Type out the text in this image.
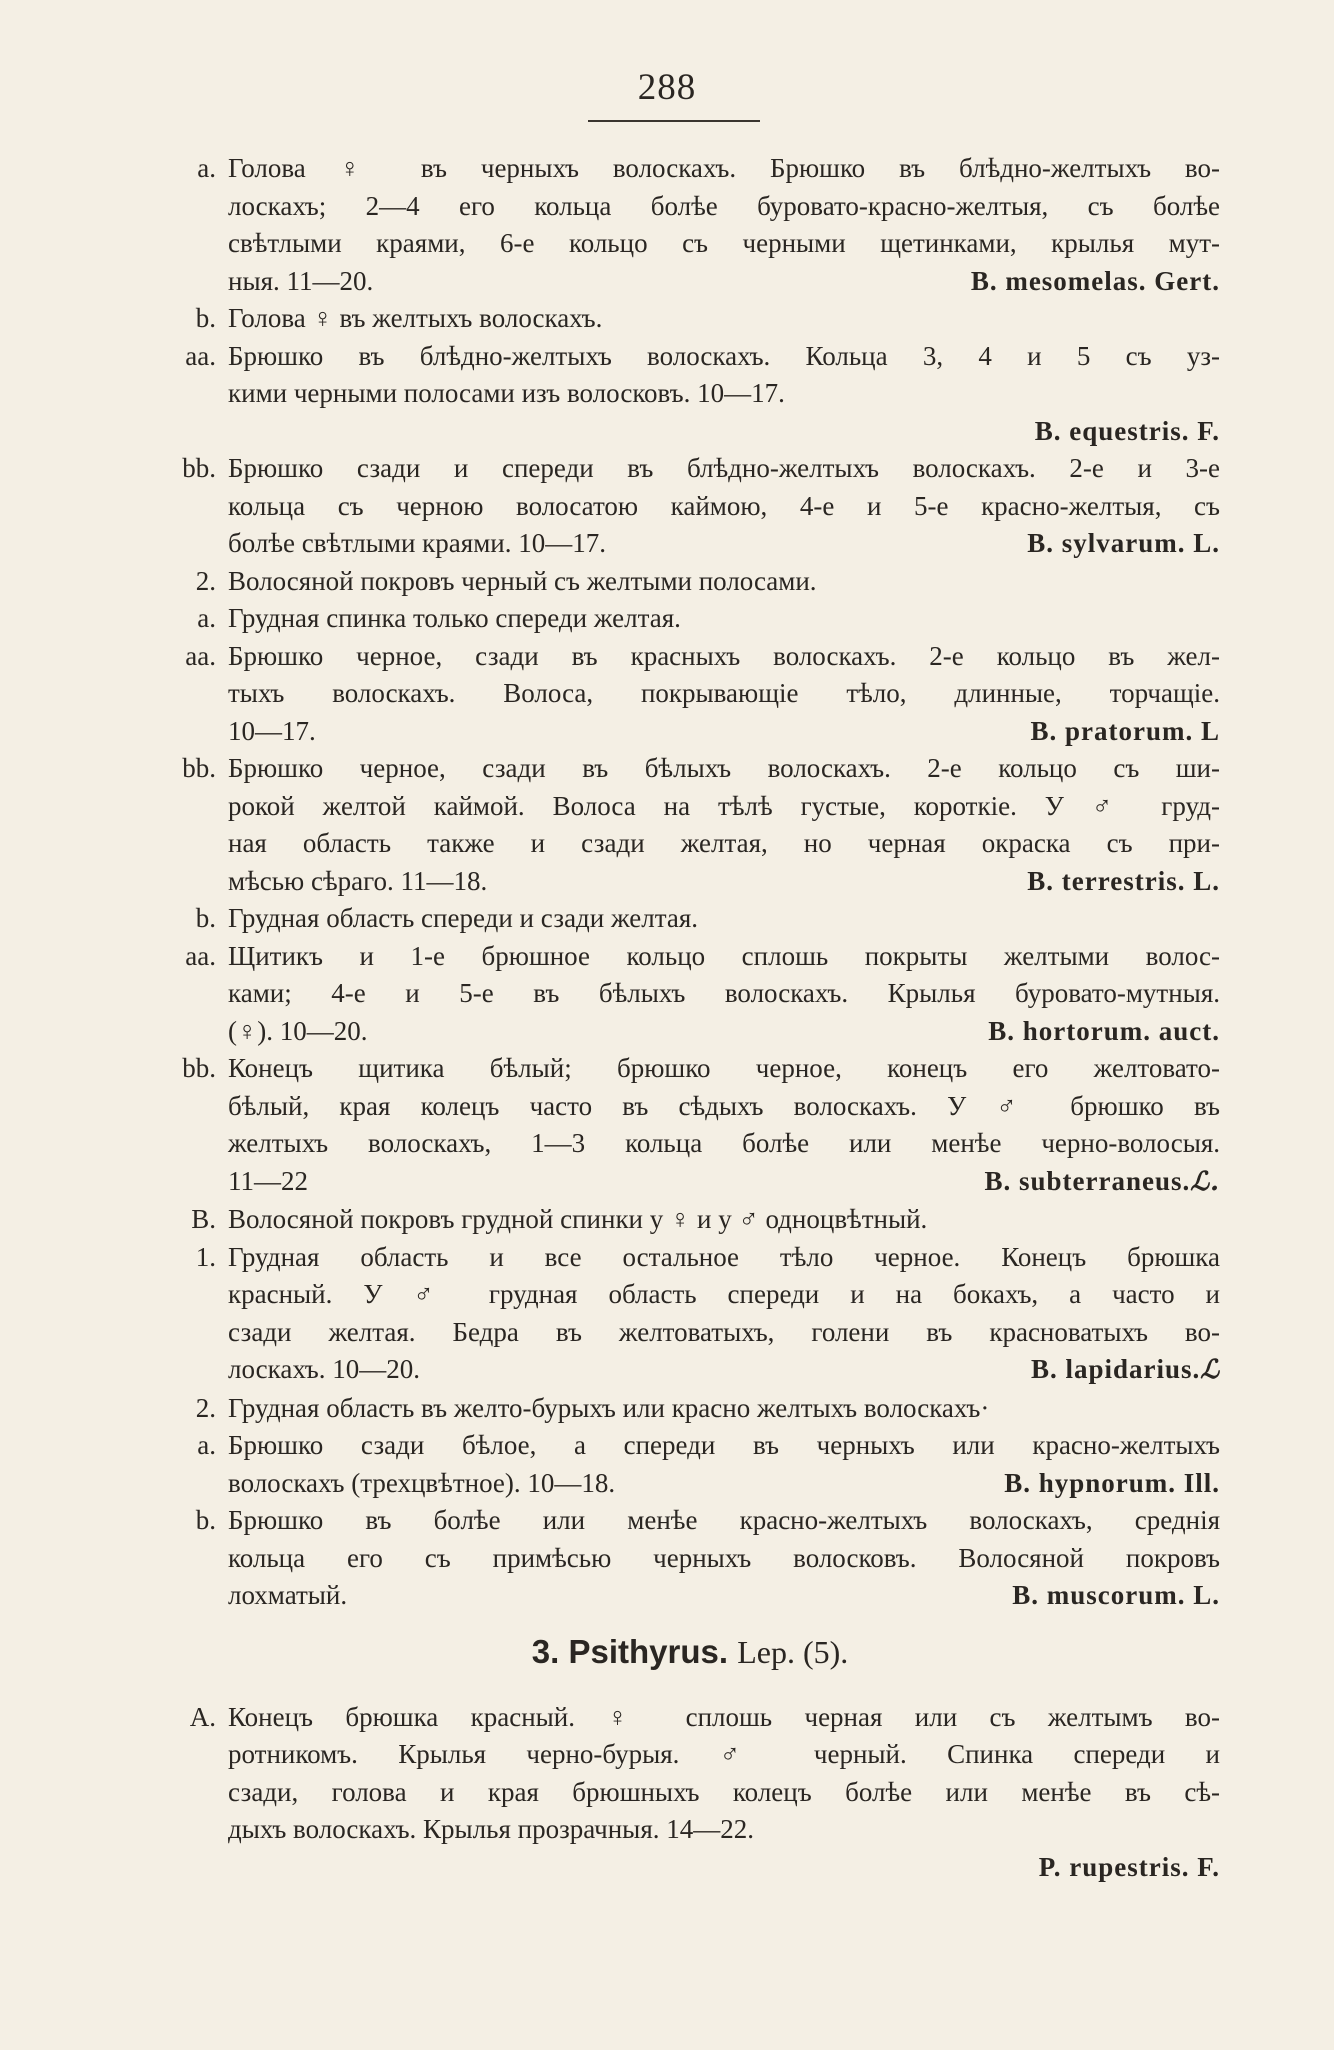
288
a. Голова ♀ въ черныхъ волоскахъ. Брюшко въ блѣдно-желтыхъ во-
лоскахъ; 2—4 его кольца болѣе буровато-красно-желтыя, съ болѣе
свѣтлыми краями, 6-е кольцо съ черными щетинками, крылья мут-
ныя. 11—20.	B. mesomelas. Gert.
b. Голова ♀ въ желтыхъ волоскахъ.
aa. Брюшко въ блѣдно-желтыхъ волоскахъ. Кольца 3, 4 и 5 съ уз-
кими черными полосами изъ волосковъ. 10—17.
B. equestris. F.
bb. Брюшко сзади и спереди въ блѣдно-желтыхъ волоскахъ. 2-е и 3-е
кольца съ черною волосатою каймою, 4-е и 5-е красно-желтыя, съ
болѣе свѣтлыми краями. 10—17.	B. sylvarum. L.
2. Волосяной покровъ черный съ желтыми полосами.
a. Грудная спинка только спереди желтая.
aa. Брюшко черное, сзади въ красныхъ волоскахъ. 2-е кольцо въ жел-
тыхъ волоскахъ. Волоса, покрывающіе тѣло, длинные, торчащіе.
10—17.	B. pratorum. L
bb. Брюшко черное, сзади въ бѣлыхъ волоскахъ. 2-е кольцо съ ши-
рокой желтой каймой. Волоса на тѣлѣ густые, короткіе. У ♂ груд-
ная область также и сзади желтая, но черная окраска съ при-
мѣсью сѣраго. 11—18.	B. terrestris. L.
b. Грудная область спереди и сзади желтая.
aa. Щитикъ и 1-е брюшное кольцо сплошь покрыты желтыми волос-
ками; 4-е и 5-е въ бѣлыхъ волоскахъ. Крылья буровато-мутныя.
(♀). 10—20.	B. hortorum. auct.
bb. Конецъ щитика бѣлый; брюшко черное, конецъ его желтовато-
бѣлый, края колецъ часто въ сѣдыхъ волоскахъ. У ♂ брюшко въ
желтыхъ волоскахъ, 1—3 кольца болѣе или менѣе черно-волосыя.
11—22	B. subterraneus.ℒ.
B. Волосяной покровъ грудной спинки у ♀ и у ♂ одноцвѣтный.
1. Грудная область и все остальное тѣло черное. Конецъ брюшка
красный. У ♂ грудная область спереди и на бокахъ, а часто и
сзади желтая. Бедра въ желтоватыхъ, голени въ красноватыхъ во-
лоскахъ. 10—20.	B. lapidarius.ℒ
2. Грудная область въ желто-бурыхъ или красно желтыхъ волоскахъ·
a. Брюшко сзади бѣлое, а спереди въ черныхъ или красно-желтыхъ
волоскахъ (трехцвѣтное). 10—18.	B. hypnorum. Ill.
b. Брюшко въ болѣе или менѣе красно-желтыхъ волоскахъ, среднія
кольца его съ примѣсью черныхъ волосковъ. Волосяной покровъ
лохматый.	B. muscorum. L.
3. Psithyrus. Lep. (5).
A. Конецъ брюшка красный. ♀ сплошь черная или съ желтымъ во-
ротникомъ. Крылья черно-бурыя. ♂ черный. Спинка спереди и
сзади, голова и края брюшныхъ колецъ болѣе или менѣе въ сѣ-
дыхъ волоскахъ. Крылья прозрачныя. 14—22.
P. rupestris. F.
